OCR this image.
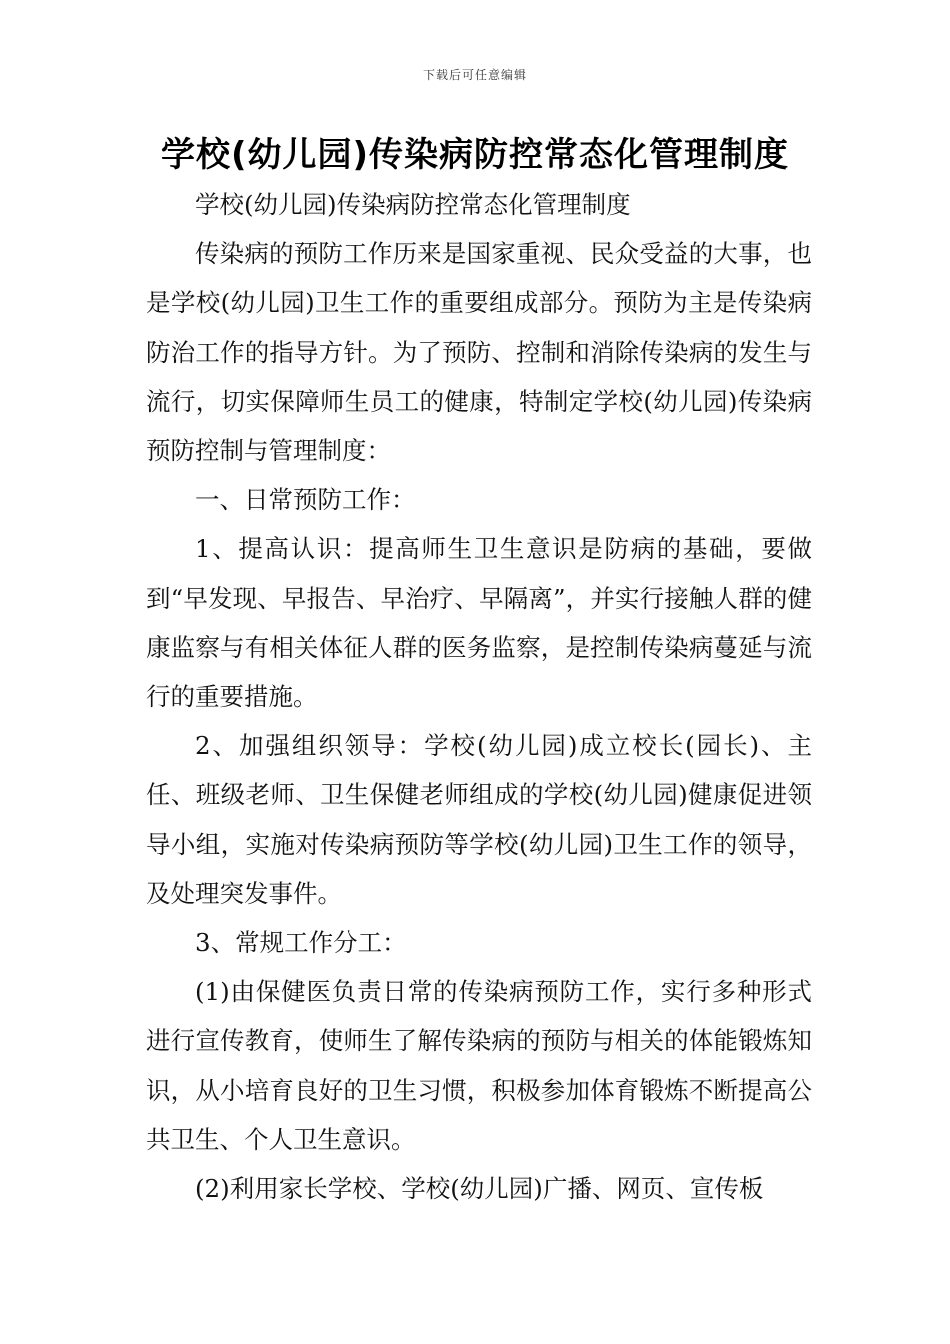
下载后可任意编辑
学校(幼儿园)传染病防控常态化管理制度

学校(幼儿园)传染病防控常态化管理制度

传染病的预防工作历来是国家重视、民众受益的大事，也是学校(幼儿园)卫生工作的重要组成部分。预防为主是传染病防治工作的指导方针。为了预防、控制和消除传染病的发生与流行，切实保障师生员工的健康，特制定学校(幼儿园)传染病预防控制与管理制度：

一、日常预防工作：

1、提高认识：提高师生卫生意识是防病的基础，要做到“早发现、早报告、早治疗、早隔离”，并实行接触人群的健康监察与有相关体征人群的医务监察，是控制传染病蔓延与流行的重要措施。

2、加强组织领导：学校(幼儿园)成立校长(园长)、主任、班级老师、卫生保健老师组成的学校(幼儿园)健康促进领导小组，实施对传染病预防等学校(幼儿园)卫生工作的领导，及处理突发事件。

3、常规工作分工：

(1)由保健医负责日常的传染病预防工作，实行多种形式进行宣传教育，使师生了解传染病的预防与相关的体能锻炼知识，从小培育良好的卫生习惯，积极参加体育锻炼不断提高公共卫生、个人卫生意识。

(2)利用家长学校、学校(幼儿园)广播、网页、宣传板
